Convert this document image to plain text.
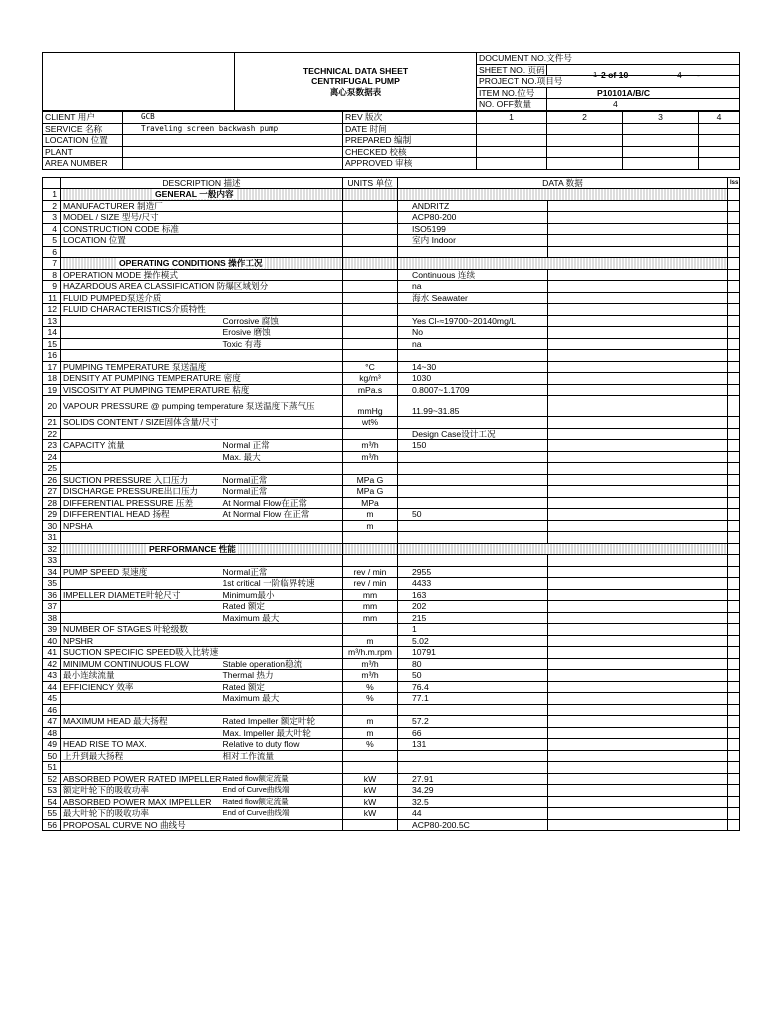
	TECHNICAL DATA SHEET
CENTRIFUGAL PUMP
离心泵数据表	DOCUMENT NO.文件号	
		SHEET NO. 页码	1 2 of 10 4 -

		PROJECT NO.项目号	
		ITEM NO.位号	P10101A/B/C
		NO. OFF数量	4
CLIENT 用户	GCB	REV 版次	1	2	3	4
SERVICE 名称	Traveling screen backwash pump	DATE 时间				
LOCATION 位置		PREPARED 编制				
PLANT		CHECKED 校核				
AREA NUMBER		APPROVED 审核				
	DESCRIPTION 描述		UNITS 单位	DATA 数据		Iss
1	GENERAL 一般内容					
2	MANUFACTURER 制造厂			ANDRITZ		
3	MODEL / SIZE 型号/尺寸			ACP80-200		
4	CONSTRUCTION CODE 标准			ISO5199		
5	LOCATION 位置			室内 Indoor		
6						
7	OPERATING CONDITIONS 操作工况					
8	OPERATION MODE 操作模式			Continuous 连续		
9	HAZARDOUS AREA CLASSIFICATION 防爆区域划分			na		
11	FLUID PUMPED泵送介质			海水 Seawater		
12	FLUID CHARACTERISTICS介质特性					
13		Corrosive 腐蚀		Yes Cl-≈19700~20140mg/L		
14		Erosive 磨蚀		No		
15		Toxic 有毒		na		
16						
17	PUMPING TEMPERATURE 泵送温度		°C	14~30		
18	DENSITY AT PUMPING TEMPERATURE 密度		kg/m³	1030		
19	VISCOSITY AT PUMPING TEMPERATURE 粘度		mPa.s	0.8007~1.1709		
20	VAPOUR PRESSURE @ pumping temperature 泵送温度下蒸气压		mmHg	11.99~31.85		
21	SOLIDS CONTENT / SIZE固体含量/尺寸		wt%			
22				Design Case设计工况		
23	CAPACITY 流量	Normal 正常	m³/h	150		
24		Max. 最大	m³/h			
25						
26	SUCTION PRESSURE 入口压力	Normal正常	MPa G			
27	DISCHARGE PRESSURE出口压力	Normal正常	MPa G			
28	DIFFERENTIAL PRESSURE 压差	At Normal Flow在正常	MPa			
29	DIFFERENTIAL HEAD 扬程	At Normal Flow 在正常	m	50		
30	NPSHA		m			
31						
32	PERFORMANCE 性能					
33						
34	PUMP SPEED 泵速度	Normal正常	rev / min	2955		
35		1st critical 一阶临界转速	rev / min	4433		
36	IMPELLER DIAMETE叶轮尺寸	Minimum最小	mm	163		
37		Rated 额定	mm	202		
38		Maximum 最大	mm	215		
39	NUMBER OF STAGES 叶轮级数			1		
40	NPSHR		m	5.02		
41	SUCTION SPECIFIC SPEED吸入比转速		m³/h.m.rpm	10791		
42	MINIMUM CONTINUOUS FLOW	Stable operation稳流	m³/h	80		
43	最小连续流量	Thermal 热力	m³/h	50		
44	EFFICIENCY 效率	Rated 额定	%	76.4		
45		Maximum 最大	%	77.1		
46						
47	MAXIMUM HEAD 最大扬程	Rated Impeller 额定叶轮	m	57.2		
48		Max. Impeller 最大叶轮	m	66		
49	HEAD RISE TO MAX.	Relative to duty flow	%	131		
50	上升到最大扬程	相对工作流量				
51						
52	ABSORBED POWER RATED IMPELLER	Rated flow额定流量	kW	27.91		
53	额定叶轮下的吸收功率	End of Curve曲线端	kW	34.29		
54	ABSORBED POWER MAX IMPELLER	Rated flow额定流量	kW	32.5		
55	最大叶轮下的吸收功率	End of Curve曲线端	kW	44		
56	PROPOSAL CURVE NO 曲线号			ACP80-200.5C		
